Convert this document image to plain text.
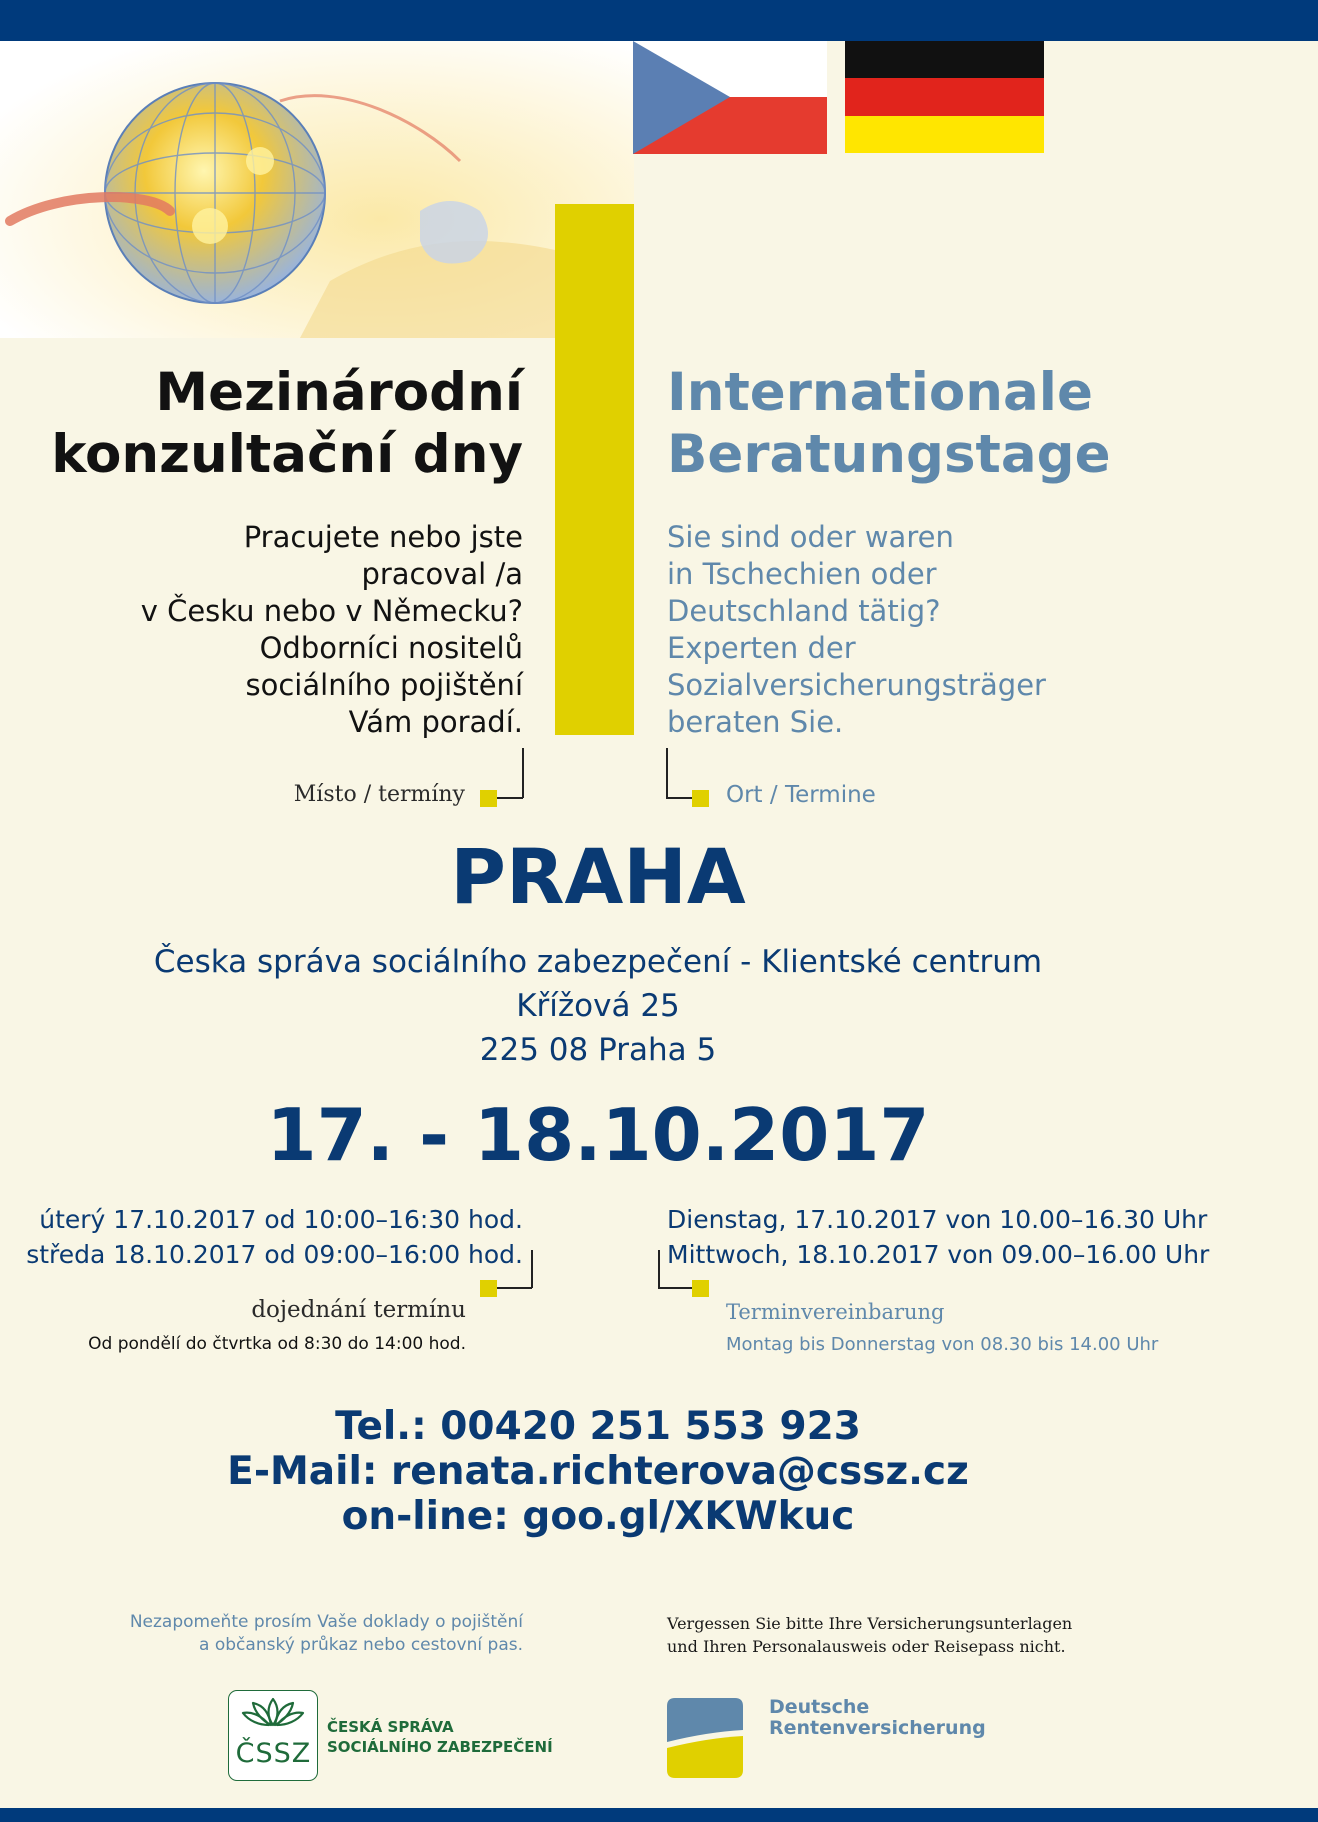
Mezinárodní
konzultační dny
Internationale
Beratungstage
Pracujete nebo jste
pracoval /a
v Česku nebo v Německu?
Odborníci nositelů
sociálního pojištění
Vám poradí.
Sie sind oder waren
in Tschechien oder
Deutschland tätig?
Experten der
Sozialversicherungsträger
beraten Sie.
Místo / termíny	Ort / Termine
PRAHA
Česka správa sociálního zabezpečení - Klientské centrum
Křížová 25
225 08 Praha 5
17. - 18.10.2017
úterý 17.10.2017 od 10:00–16:30 hod.
středa 18.10.2017 od 09:00–16:00 hod.
Dienstag, 17.10.2017 von 10.00–16.30 Uhr
Mittwoch, 18.10.2017 von 09.00–16.00 Uhr
dojednání termínu
Od pondělí do čtvrtka od 8:30 do 14:00 hod.
Terminvereinbarung
Montag bis Donnerstag von 08.30 bis 14.00 Uhr
Tel.: 00420 251 553 923
E-Mail: renata.richterova@cssz.cz
on-line: goo.gl/XKWkuc
Nezapomeňte prosím Vaše doklady o pojištění
a občanský průkaz nebo cestovní pas.
Vergessen Sie bitte Ihre Versicherungsunterlagen
und Ihren Personalausweis oder Reisepass nicht.
ČSSZ
ČESKÁ SPRÁVA
SOCIÁLNÍHO ZABEZPEČENÍ
Deutsche
Rentenversicherung
